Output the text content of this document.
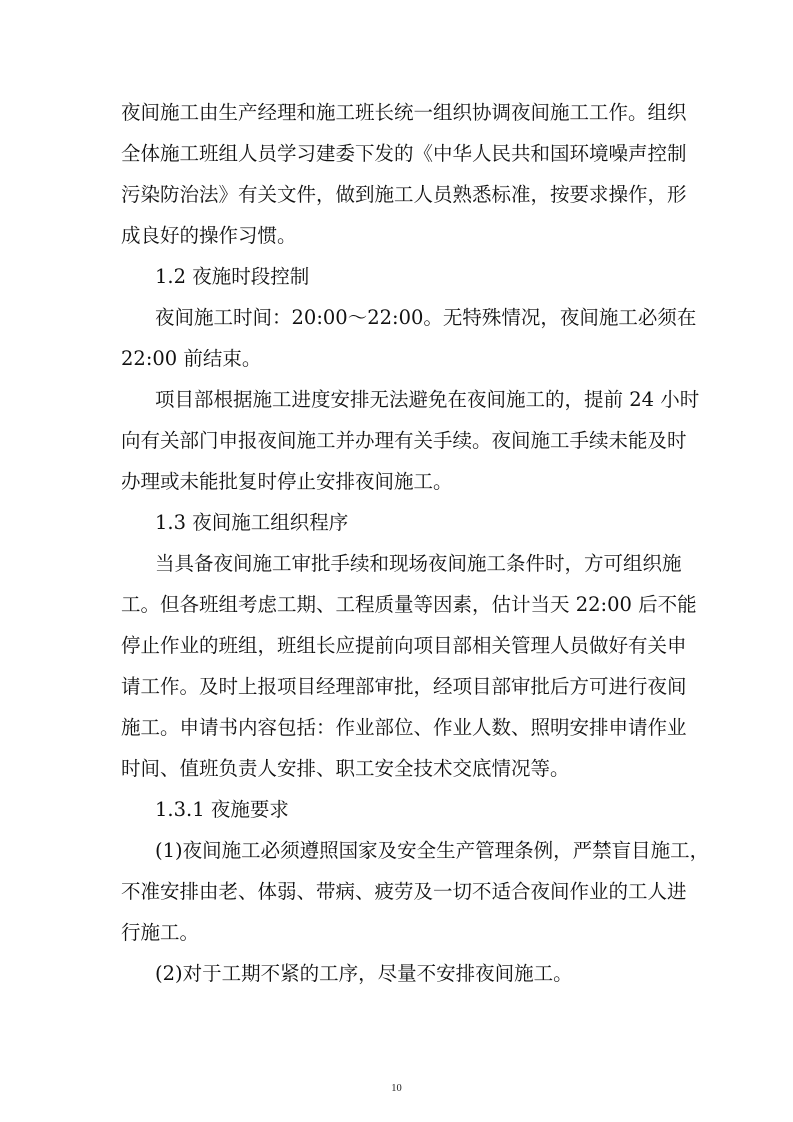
夜间施工由生产经理和施工班长统一组织协调夜间施工工作。组织
全体施工班组人员学习建委下发的《中华人民共和国环境噪声控制
污染防治法》有关文件，做到施工人员熟悉标准，按要求操作，形
成良好的操作习惯。
1.2 夜施时段控制
夜间施工时间：20:00～22:00。无特殊情况，夜间施工必须在
22:00 前结束。
项目部根据施工进度安排无法避免在夜间施工的，提前 24 小时
向有关部门申报夜间施工并办理有关手续。夜间施工手续未能及时
办理或未能批复时停止安排夜间施工。
1.3 夜间施工组织程序
当具备夜间施工审批手续和现场夜间施工条件时，方可组织施
工。但各班组考虑工期、工程质量等因素，估计当天 22:00 后不能
停止作业的班组，班组长应提前向项目部相关管理人员做好有关申
请工作。及时上报项目经理部审批，经项目部审批后方可进行夜间
施工。申请书内容包括：作业部位、作业人数、照明安排申请作业
时间、值班负责人安排、职工安全技术交底情况等。
1.3.1 夜施要求
(1)夜间施工必须遵照国家及安全生产管理条例，严禁盲目施工，
不准安排由老、体弱、带病、疲劳及一切不适合夜间作业的工人进
行施工。
(2)对于工期不紧的工序，尽量不安排夜间施工。
10
